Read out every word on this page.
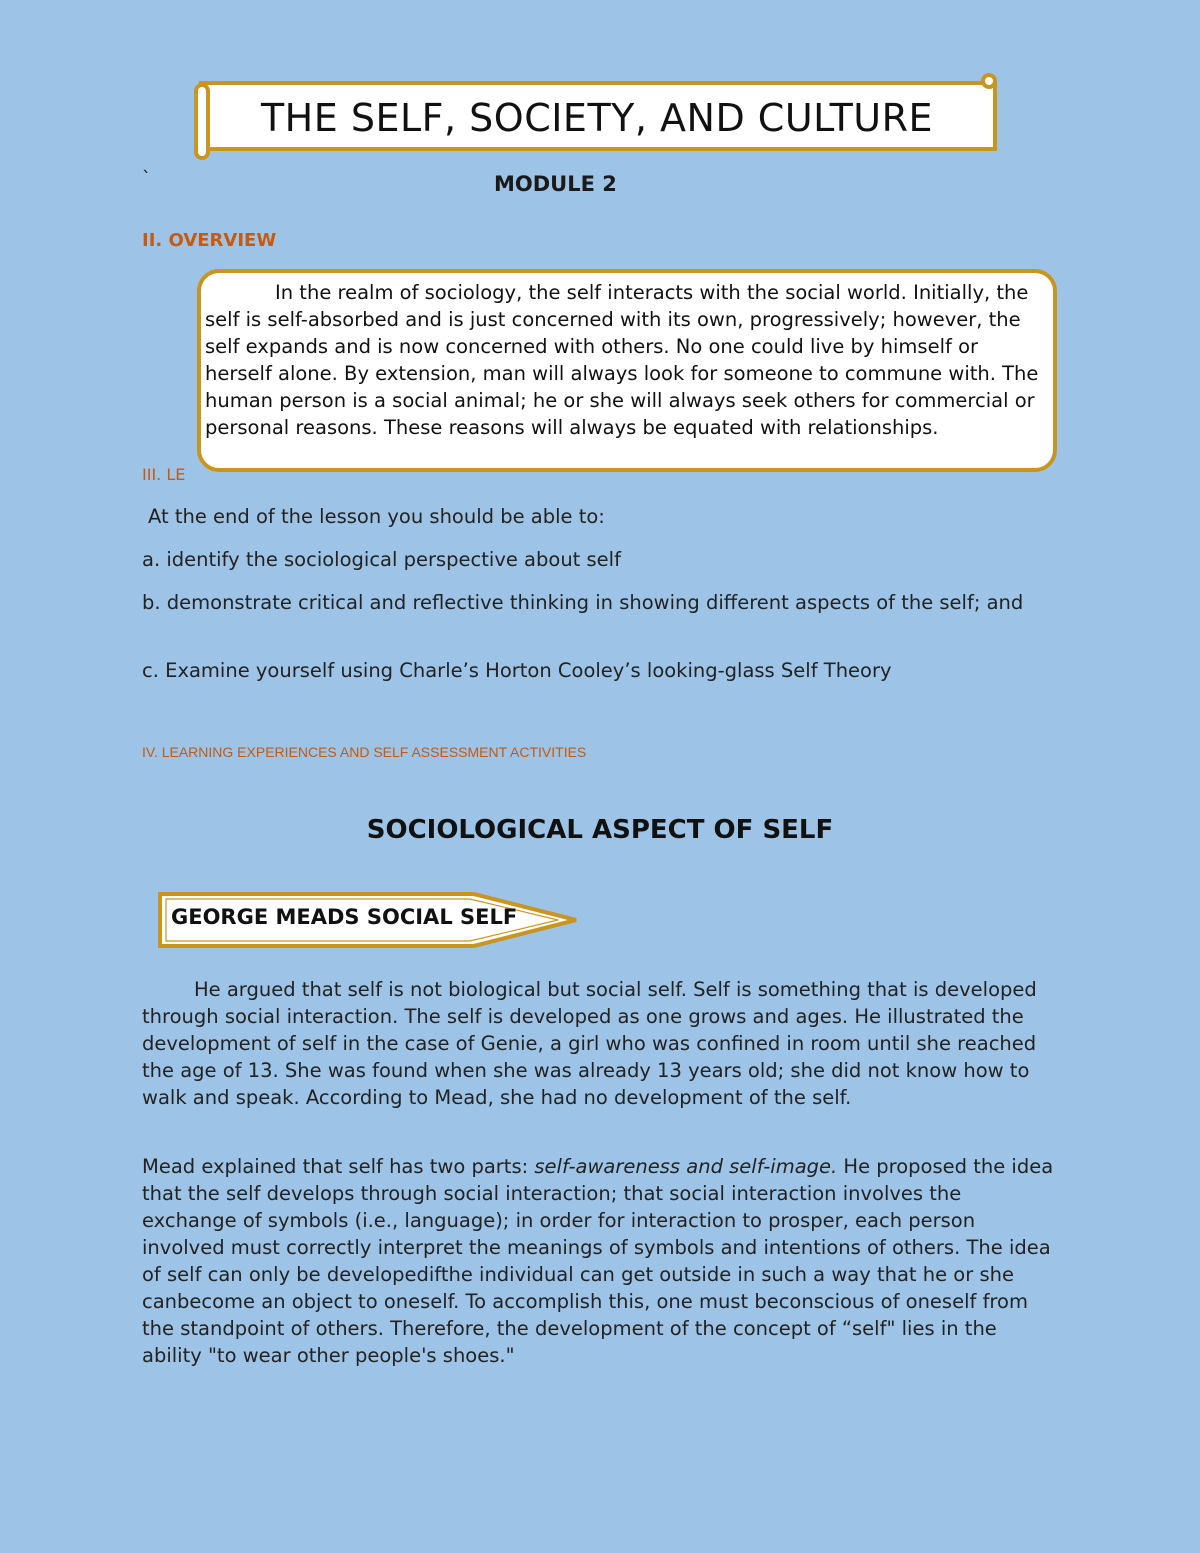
THE SELF, SOCIETY, AND CULTURE
`	MODULE 2
II. OVERVIEW
III. LE
In the realm of sociology, the self interacts with the social world. Initially, the self is self-absorbed and is just concerned with its own, progressively; however, the self expands and is now concerned with others. No one could live by himself or herself alone. By extension, man will always look for someone to commune with. The human person is a social animal; he or she will always seek others for commercial or personal reasons. These reasons will always be equated with relationships.
At the end of the lesson you should be able to:
a. identify the sociological perspective about self
b. demonstrate critical and reflective thinking in showing different aspects of the self; and
c. Examine yourself using Charle’s Horton Cooley’s looking-glass Self Theory
IV. LEARNING EXPERIENCES AND SELF ASSESSMENT ACTIVITIES
SOCIOLOGICAL ASPECT OF SELF
GEORGE MEADS SOCIAL SELF
He argued that self is not biological but social self. Self is something that is developed through social interaction. The self is developed as one grows and ages. He illustrated the development of self in the case of Genie, a girl who was confined in room until she reached the age of 13. She was found when she was already 13 years old; she did not know how to walk and speak. According to Mead, she had no development of the self.
Mead explained that self has two parts: self-awareness and self-image. He proposed the idea that the self develops through social interaction; that social interaction involves the exchange of symbols (i.e., language); in order for interaction to prosper, each person involved must correctly interpret the meanings of symbols and intentions of others. The idea of self can only be developedifthe individual can get outside in such a way that he or she canbecome an object to oneself. To accomplish this, one must beconscious of oneself from the standpoint of others. Therefore, the development of the concept of “self" lies in the ability "to wear other people's shoes."
